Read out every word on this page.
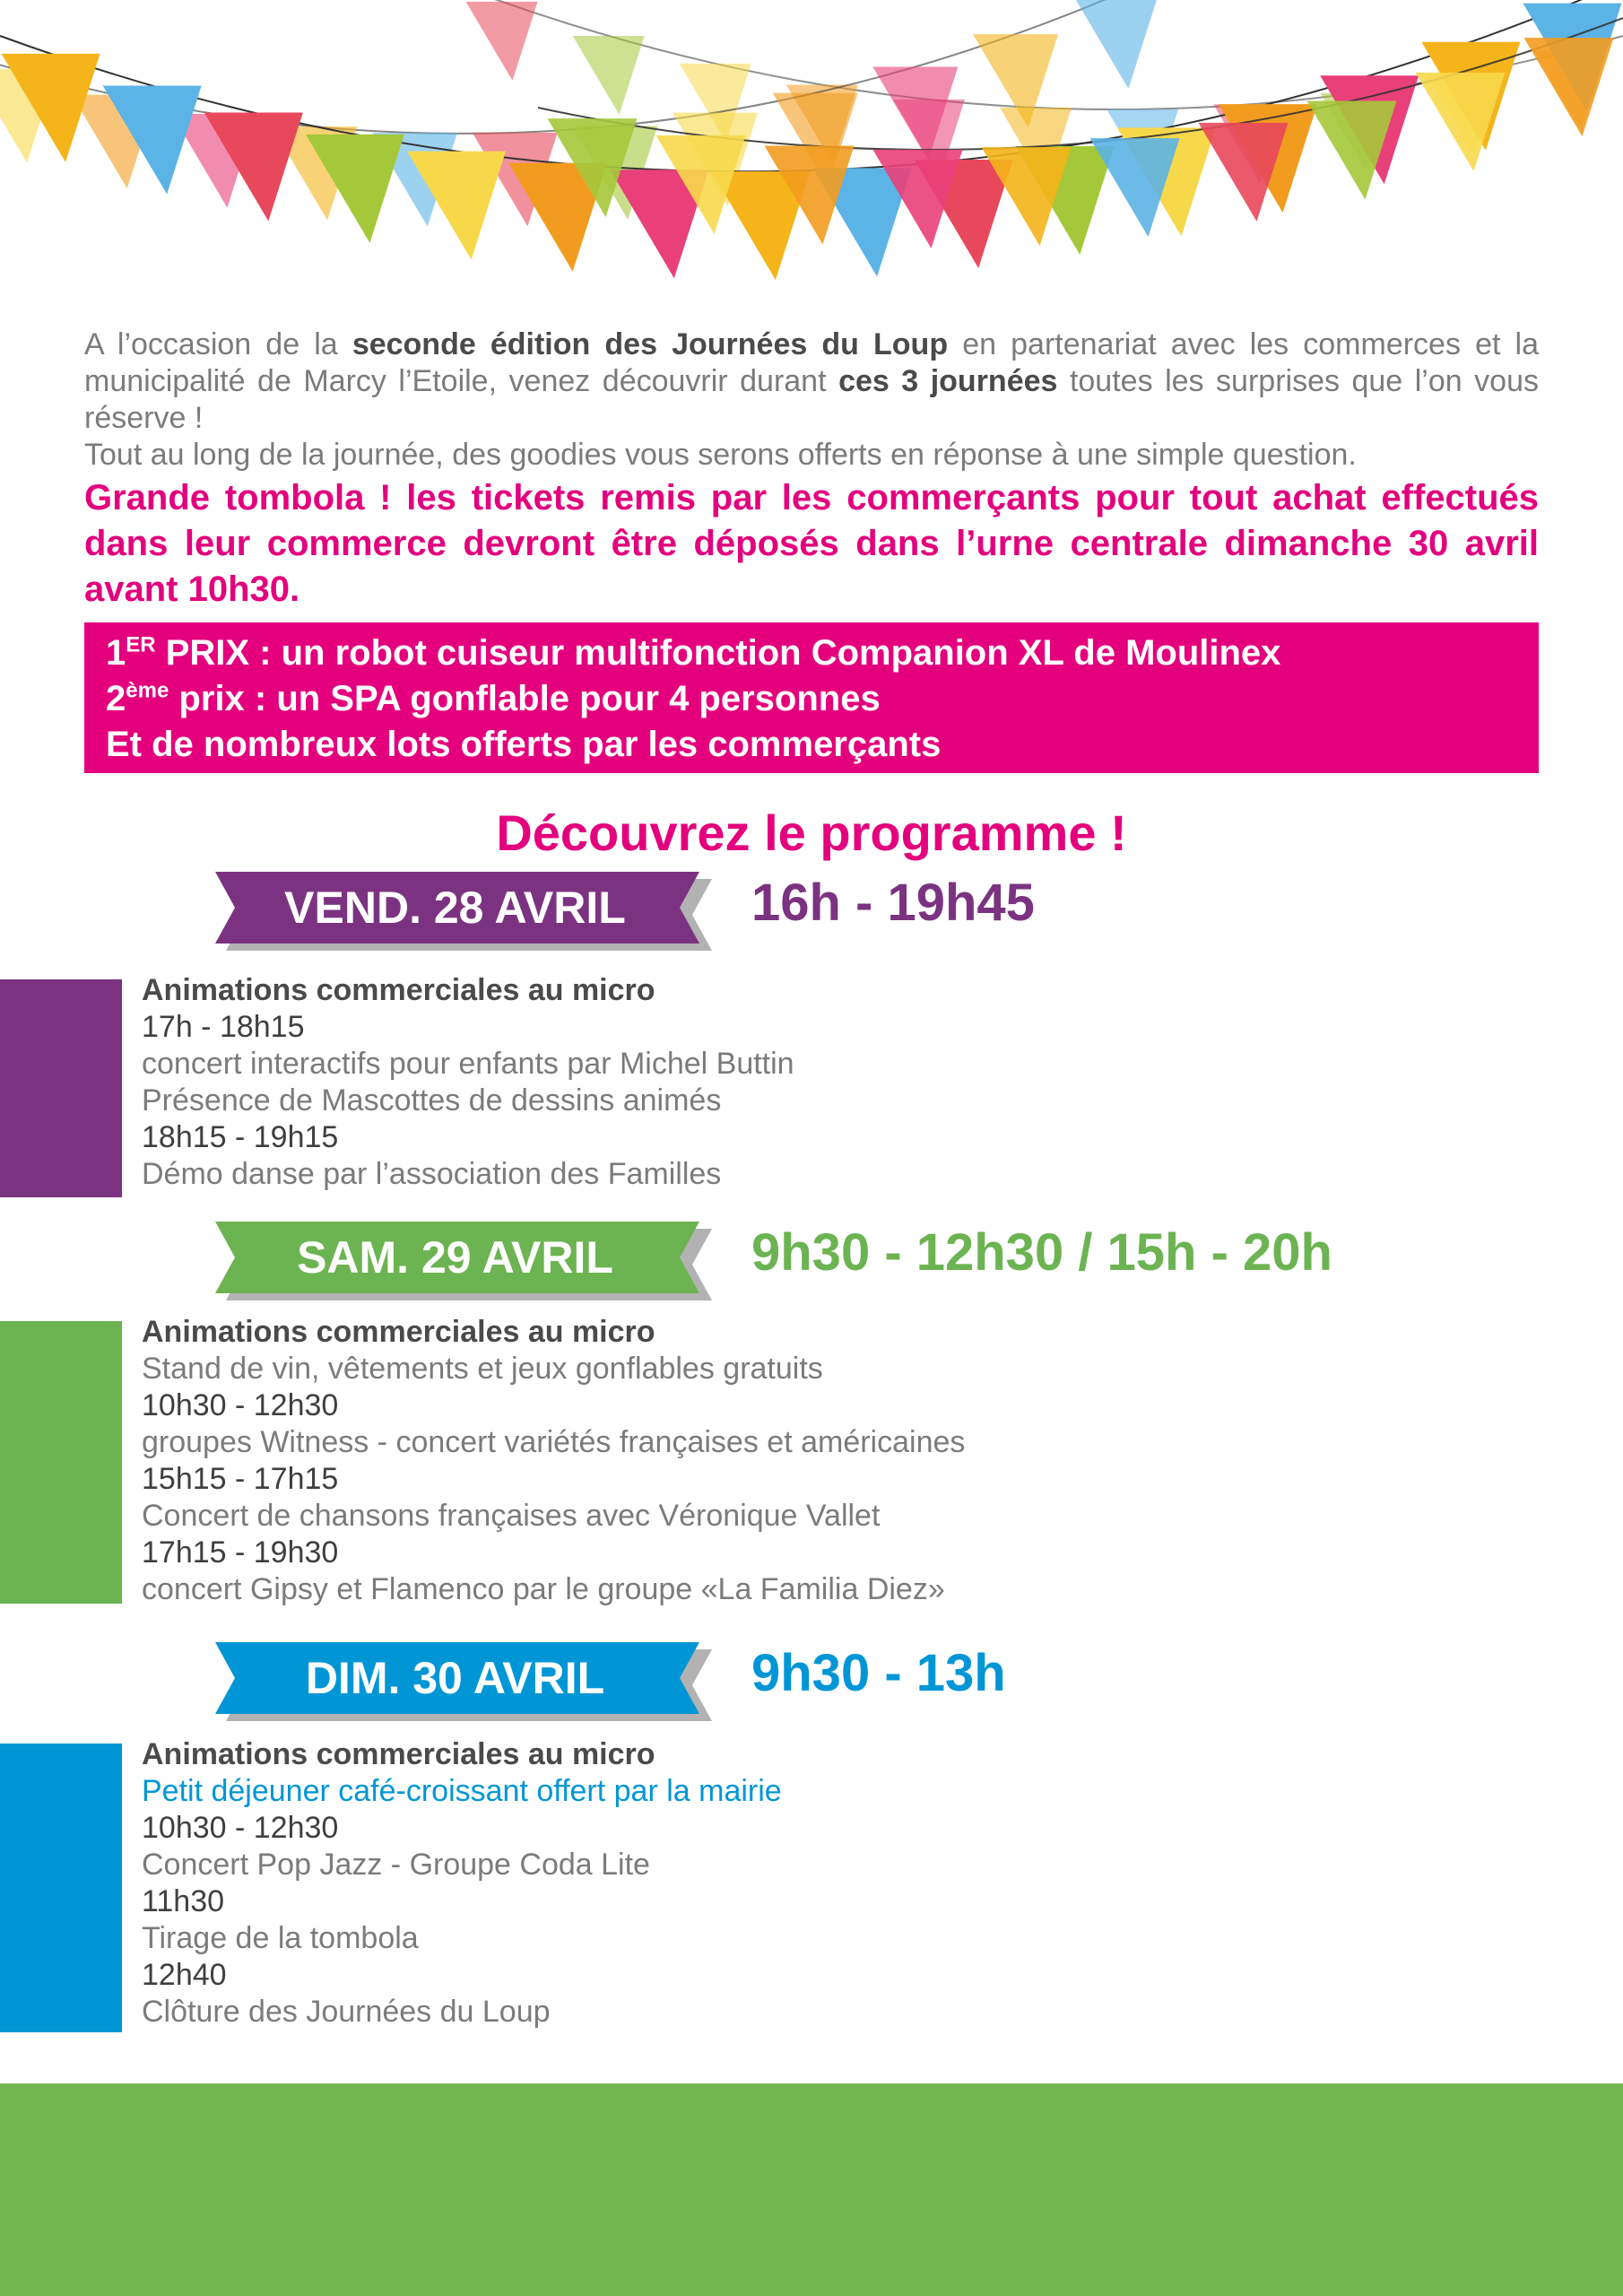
A l’occasion de la seconde édition des Journées du Loup en partenariat avec les commerces et la municipalité de Marcy l’Etoile, venez découvrir durant ces 3 journées toutes les surprises que l’on vous réserve !
Tout au long de la journée, des goodies vous serons offerts en réponse à une simple question.
Grande tombola ! les tickets remis par les commerçants pour tout achat effectués dans leur commerce devront être déposés dans l’urne centrale dimanche 30 avril avant 10h30.
1ER PRIX : un robot cuiseur multifonction Companion XL de Moulinex
2ème prix : un SPA gonflable pour 4 personnes
Et de nombreux lots offerts par les commerçants
Découvrez le programme !
VEND. 28 AVRIL	16h - 19h45
Animations commerciales au micro
17h - 18h15
concert interactifs pour enfants par Michel Buttin
Présence de Mascottes de dessins animés
18h15 - 19h15
Démo danse par l’association des Familles
SAM. 29 AVRIL	9h30 - 12h30 / 15h - 20h
Animations commerciales au micro
Stand de vin, vêtements et jeux gonflables gratuits
10h30 - 12h30
groupes Witness - concert variétés françaises et américaines
15h15 - 17h15
Concert de chansons françaises avec Véronique Vallet
17h15 - 19h30
concert Gipsy et Flamenco par le groupe «La Familia Diez»
DIM. 30 AVRIL	9h30 - 13h
Animations commerciales au micro
Petit déjeuner café-croissant offert par la mairie
10h30 - 12h30
Concert Pop Jazz - Groupe Coda Lite
11h30
Tirage de la tombola
12h40
Clôture des Journées du Loup
